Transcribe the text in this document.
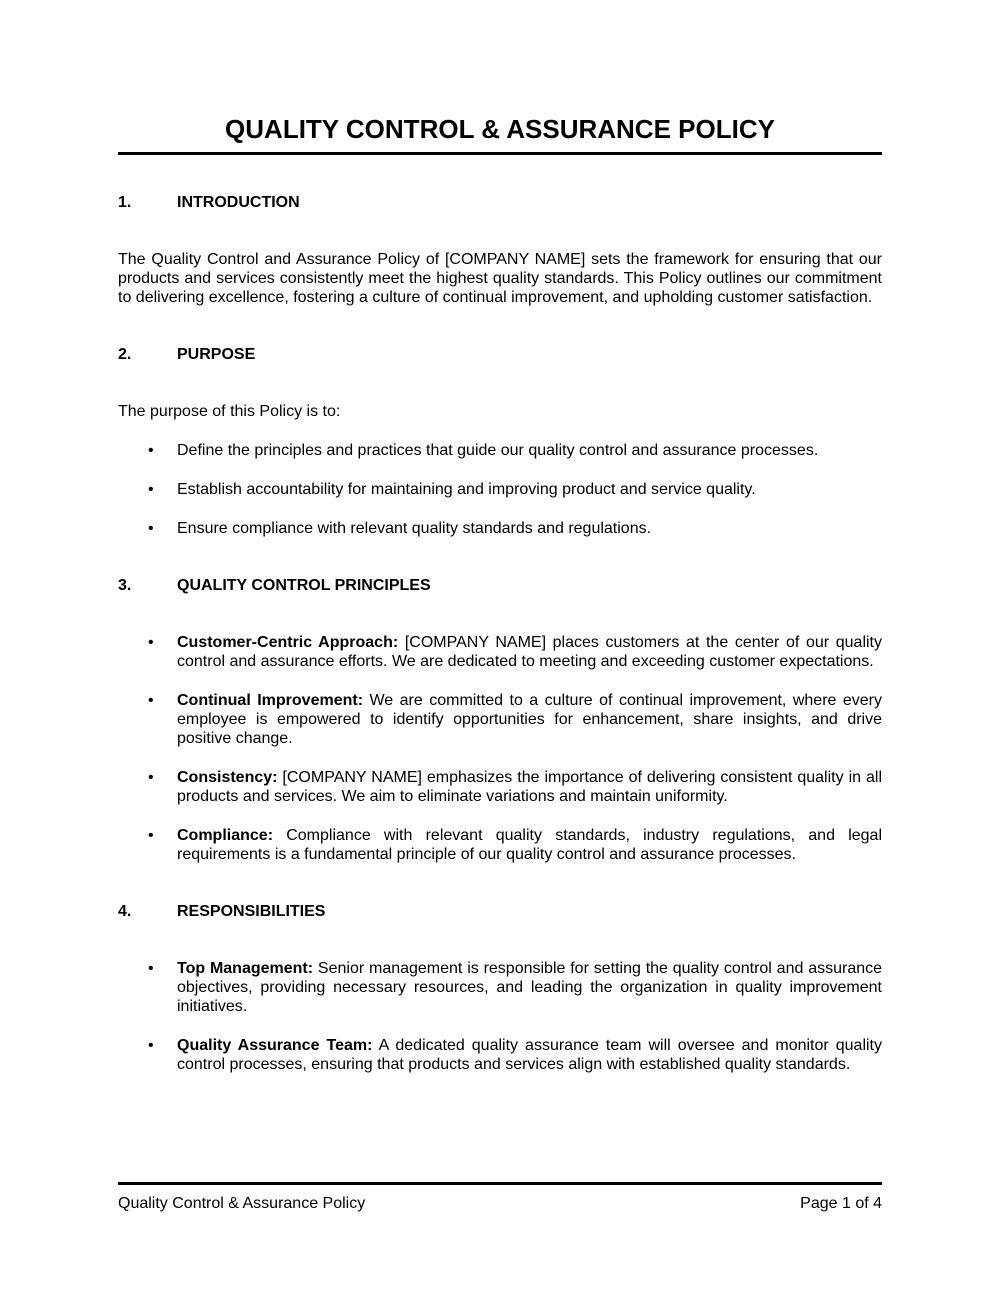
QUALITY CONTROL & ASSURANCE POLICY
1.	INTRODUCTION

The Quality Control and Assurance Policy of [COMPANY NAME] sets the framework for ensuring that our products and services consistently meet the highest quality standards. This Policy outlines our commitment to delivering excellence, fostering a culture of continual improvement, and upholding customer satisfaction.

2.	PURPOSE

The purpose of this Policy is to:

•	Define the principles and practices that guide our quality control and assurance processes.
•	Establish accountability for maintaining and improving product and service quality.
•	Ensure compliance with relevant quality standards and regulations.
3.	QUALITY CONTROL PRINCIPLES
•	Customer-Centric Approach: [COMPANY NAME] places customers at the center of our quality control and assurance efforts. We are dedicated to meeting and exceeding customer expectations.
•	Continual Improvement: We are committed to a culture of continual improvement, where every employee is empowered to identify opportunities for enhancement, share insights, and drive positive change.
•	Consistency: [COMPANY NAME] emphasizes the importance of delivering consistent quality in all products and services. We aim to eliminate variations and maintain uniformity.
•	Compliance: Compliance with relevant quality standards, industry regulations, and legal requirements is a fundamental principle of our quality control and assurance processes.
4.	RESPONSIBILITIES
•	Top Management: Senior management is responsible for setting the quality control and assurance objectives, providing necessary resources, and leading the organization in quality improvement initiatives.
•	Quality Assurance Team: A dedicated quality assurance team will oversee and monitor quality control processes, ensuring that products and services align with established quality standards.
Quality Control & Assurance Policy	Page 1 of 4
